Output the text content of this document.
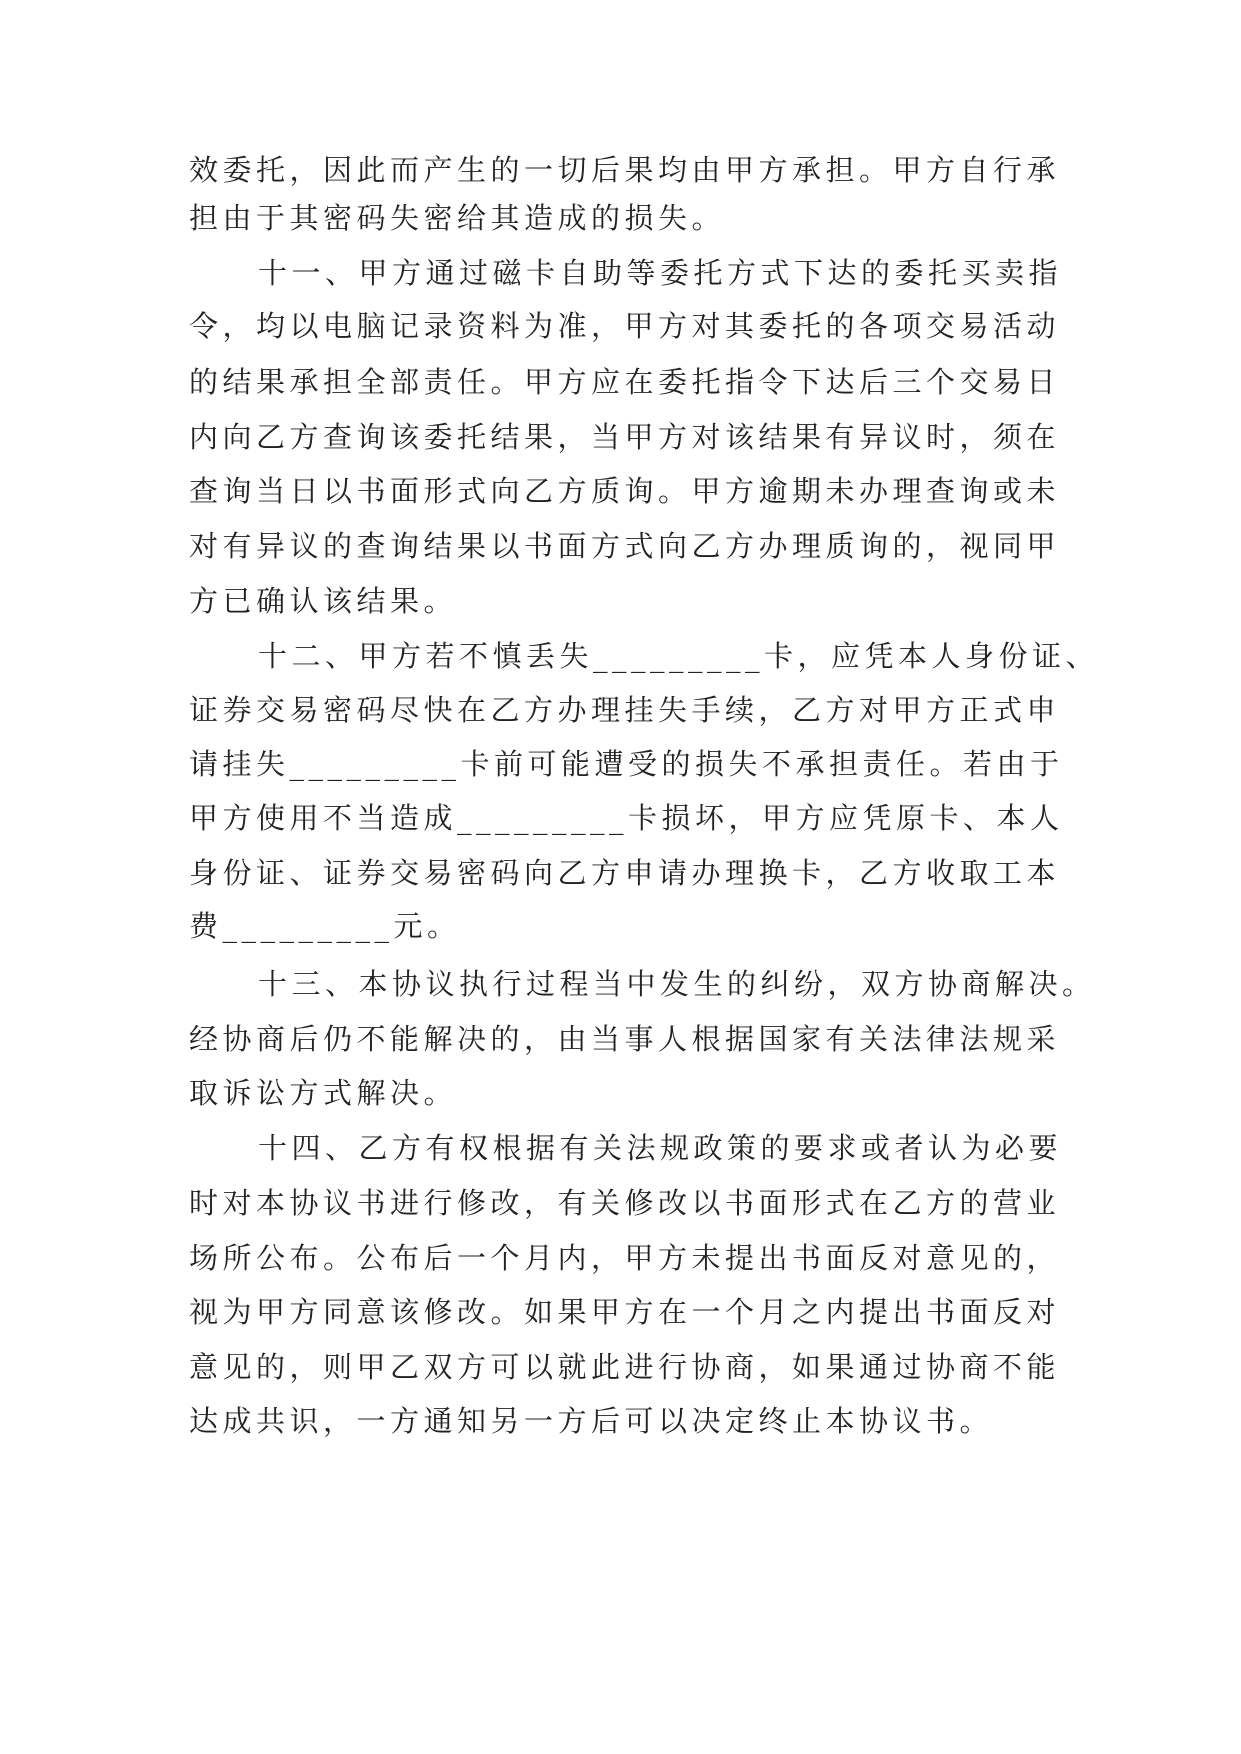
效委托，因此而产生的一切后果均由甲方承担。甲方自行承

担由于其密码失密给其造成的损失。

十一、甲方通过磁卡自助等委托方式下达的委托买卖指

令，均以电脑记录资料为准，甲方对其委托的各项交易活动

的结果承担全部责任。甲方应在委托指令下达后三个交易日

内向乙方查询该委托结果，当甲方对该结果有异议时，须在

查询当日以书面形式向乙方质询。甲方逾期未办理查询或未

对有异议的查询结果以书面方式向乙方办理质询的，视同甲

方已确认该结果。

十二、甲方若不慎丢失_________卡，应凭本人身份证、

证券交易密码尽快在乙方办理挂失手续，乙方对甲方正式申

请挂失_________卡前可能遭受的损失不承担责任。若由于

甲方使用不当造成_________卡损坏，甲方应凭原卡、本人

身份证、证券交易密码向乙方申请办理换卡，乙方收取工本

费_________元。

十三、本协议执行过程当中发生的纠纷，双方协商解决。

经协商后仍不能解决的，由当事人根据国家有关法律法规采

取诉讼方式解决。

十四、乙方有权根据有关法规政策的要求或者认为必要

时对本协议书进行修改，有关修改以书面形式在乙方的营业

场所公布。公布后一个月内，甲方未提出书面反对意见的，

视为甲方同意该修改。如果甲方在一个月之内提出书面反对

意见的，则甲乙双方可以就此进行协商，如果通过协商不能

达成共识，一方通知另一方后可以决定终止本协议书。
